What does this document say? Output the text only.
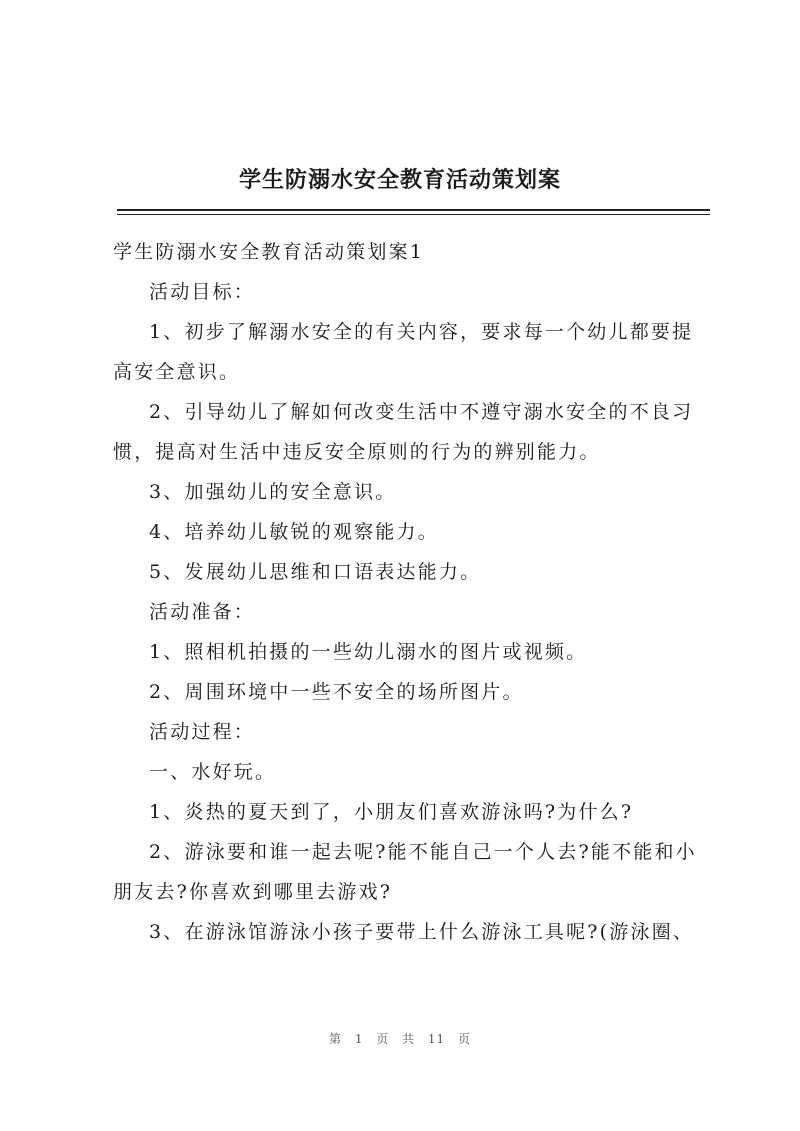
学生防溺水安全教育活动策划案

学生防溺水安全教育活动策划案1

活动目标：

1、初步了解溺水安全的有关内容，要求每一个幼儿都要提高安全意识。

2、引导幼儿了解如何改变生活中不遵守溺水安全的不良习惯，提高对生活中违反安全原则的行为的辨别能力。

3、加强幼儿的安全意识。

4、培养幼儿敏锐的观察能力。

5、发展幼儿思维和口语表达能力。

活动准备：

1、照相机拍摄的一些幼儿溺水的图片或视频。

2、周围环境中一些不安全的场所图片。

活动过程：

一、水好玩。

1、炎热的夏天到了，小朋友们喜欢游泳吗?为什么?

2、游泳要和谁一起去呢?能不能自己一个人去?能不能和小朋友去?你喜欢到哪里去游戏?

3、在游泳馆游泳小孩子要带上什么游泳工具呢?(游泳圈、

第 1 页 共 11 页
